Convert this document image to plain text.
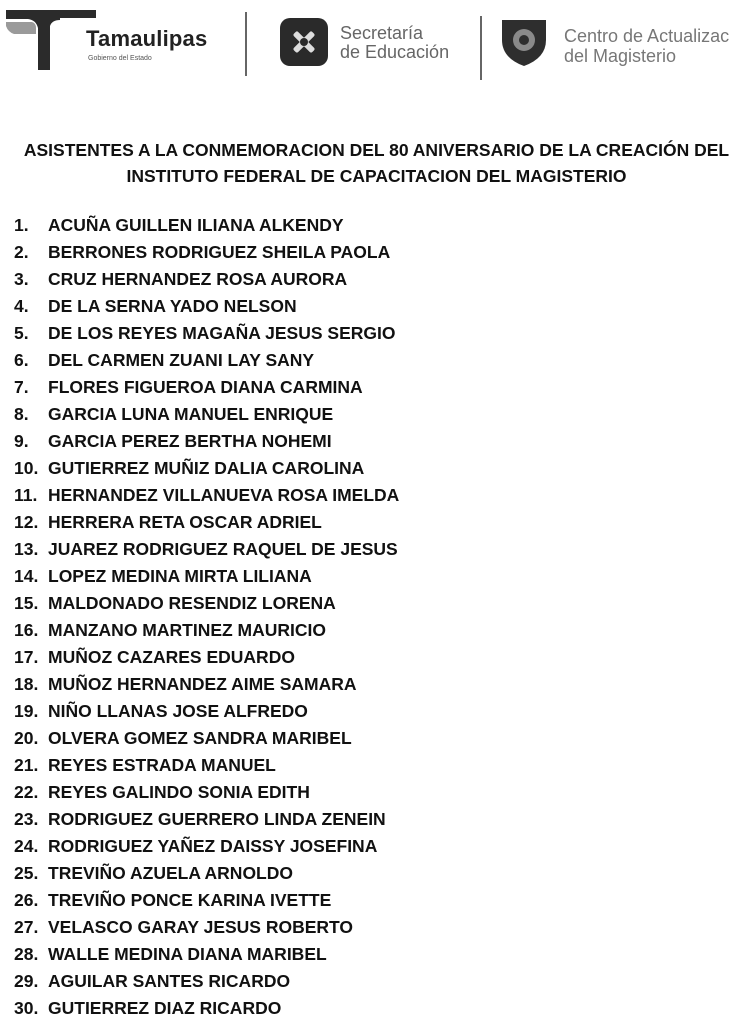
Tamaulipas
Gobierno del Estado
Secretaría
de Educación
Centro de Actualizac
del Magisterio
ASISTENTES A LA CONMEMORACION DEL 80 ANIVERSARIO DE LA CREACIÓN DEL
INSTITUTO FEDERAL DE CAPACITACION DEL MAGISTERIO
1.	ACUÑA GUILLEN ILIANA ALKENDY
2.	BERRONES RODRIGUEZ SHEILA PAOLA
3.	CRUZ HERNANDEZ ROSA AURORA
4.	DE LA SERNA YADO NELSON
5.	DE LOS REYES MAGAÑA JESUS SERGIO
6.	DEL CARMEN ZUANI LAY SANY
7.	FLORES FIGUEROA DIANA CARMINA
8.	GARCIA LUNA MANUEL ENRIQUE
9.	GARCIA PEREZ BERTHA NOHEMI
10. GUTIERREZ MUÑIZ DALIA CAROLINA
11. HERNANDEZ VILLANUEVA ROSA IMELDA
12. HERRERA RETA OSCAR ADRIEL
13. JUAREZ RODRIGUEZ RAQUEL DE JESUS
14. LOPEZ MEDINA MIRTA LILIANA
15. MALDONADO RESENDIZ LORENA
16. MANZANO MARTINEZ MAURICIO
17. MUÑOZ CAZARES EDUARDO
18. MUÑOZ HERNANDEZ AIME SAMARA
19. NIÑO LLANAS JOSE ALFREDO
20. OLVERA GOMEZ SANDRA MARIBEL
21. REYES ESTRADA MANUEL
22. REYES GALINDO SONIA EDITH
23. RODRIGUEZ GUERRERO LINDA ZENEIN
24. RODRIGUEZ YAÑEZ DAISSY JOSEFINA
25. TREVIÑO AZUELA ARNOLDO
26. TREVIÑO PONCE KARINA IVETTE
27. VELASCO GARAY JESUS ROBERTO
28. WALLE MEDINA DIANA MARIBEL
29. AGUILAR SANTES RICARDO
30. GUTIERREZ DIAZ RICARDO
